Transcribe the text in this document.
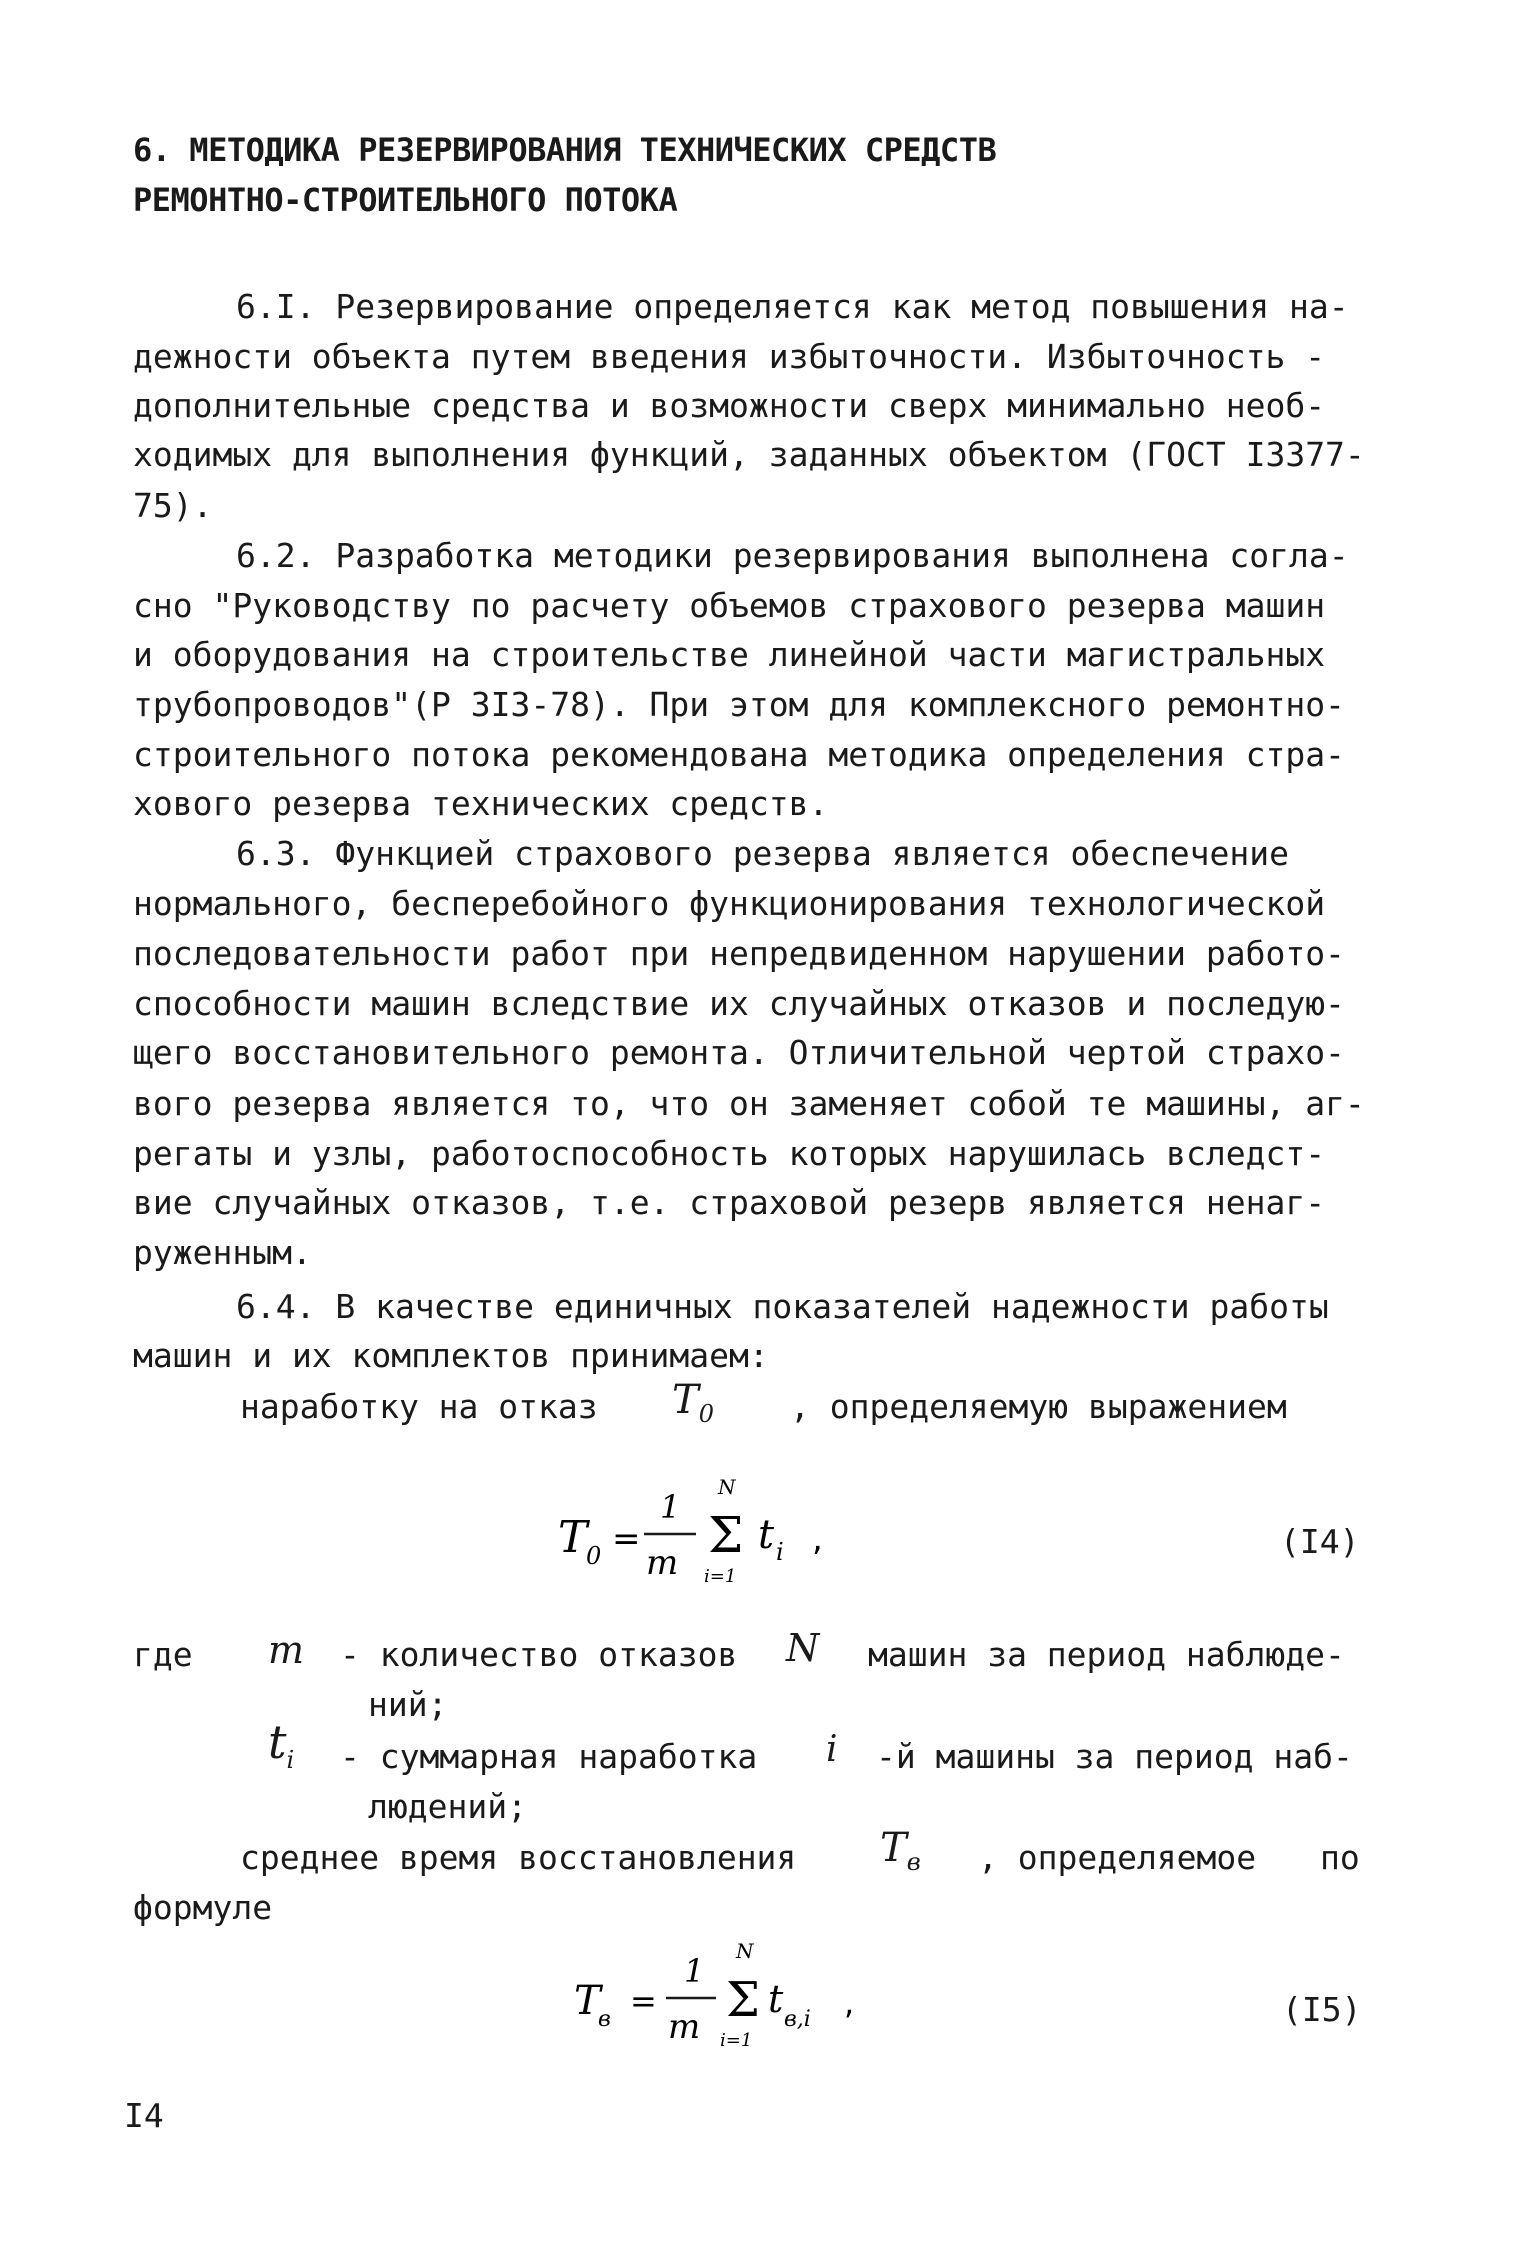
6. МЕТОДИКА РЕЗЕРВИРОВАНИЯ ТЕХНИЧЕСКИХ СРЕДСТВ
РЕМОНТНО-СТРОИТЕЛЬНОГО ПОТОКА
6.I. Резервирование определяется как метод повышения на-
дежности объекта путем введения избыточности. Избыточность -
дополнительные средства и возможности сверх минимально необ-
ходимых для выполнения функций, заданных объектом (ГОСТ I3377-
75).
6.2. Разработка методики резервирования выполнена согла-
сно "Руководству по расчету объемов страхового резерва машин
и оборудования на строительстве линейной части магистральных
трубопроводов"(Р 3I3-78). При этом для комплексного ремонтно-
строительного потока рекомендована методика определения стра-
хового резерва технических средств.
6.3. Функцией страхового резерва является обеспечение
нормального, бесперебойного функционирования технологической
последовательности работ при непредвиденном нарушении работо-
способности машин вследствие их случайных отказов и последую-
щего восстановительного ремонта. Отличительной чертой страхо-
вого резерва является то, что он заменяет собой те машины, аг-
регаты и узлы, работоспособность которых нарушилась вследст-
вие случайных отказов, т.е. страховой резерв является ненаг-
руженным.
6.4. В качестве единичных показателей надежности работы
машин и их комплектов принимаем:
наработку на отказ $T_0$ , определяемую выражением
T
0 =
1
m
N
Σ
i=1
t i ,	(I4)
где m - количество отказов N машин за период наблюде-
ний;
$t_i$ - суммарная наработка i -й машины за период наб-
людений;
среднее время восстановления $T_в$ , определяемое по
формуле
T
в =
1
m
N
Σ
i=1
t в,i ,	(I5)
I4
